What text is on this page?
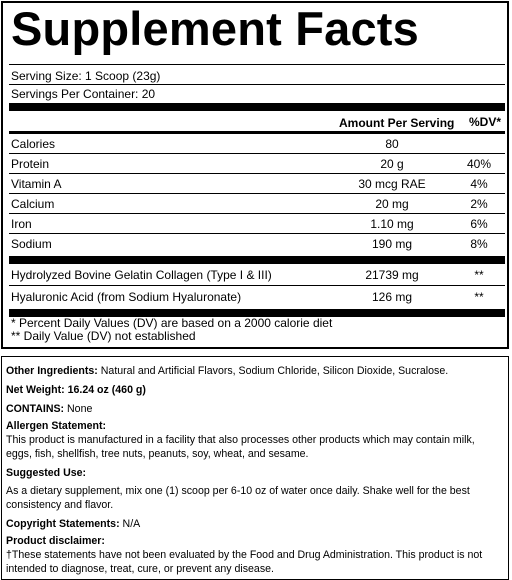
Supplement Facts
Serving Size: 1 Scoop (23g)
Servings Per Container: 20
Amount Per Serving %DV*
Calories	80
Protein	20 g	40%
Vitamin A	30 mcg RAE	4%
Calcium	20 mg	2%
Iron	1.10 mg	6%
Sodium	190 mg	8%
Hydrolyzed Bovine Gelatin Collagen (Type I & III)	21739 mg	**
Hyaluronic Acid (from Sodium Hyaluronate)	126 mg	**
* Percent Daily Values (DV) are based on a 2000 calorie diet
** Daily Value (DV) not established
Other Ingredients: Natural and Artificial Flavors, Sodium Chloride, Silicon Dioxide, Sucralose.
Net Weight: 16.24 oz (460 g)
CONTAINS: None
Allergen Statement:
This product is manufactured in a facility that also processes other products which may contain milk,
eggs, fish, shellfish, tree nuts, peanuts, soy, wheat, and sesame.
Suggested Use:
As a dietary supplement, mix one (1) scoop per 6-10 oz of water once daily. Shake well for the best
consistency and flavor.
Copyright Statements: N/A
Product disclaimer:
†These statements have not been evaluated by the Food and Drug Administration. This product is not
intended to diagnose, treat, cure, or prevent any disease.
